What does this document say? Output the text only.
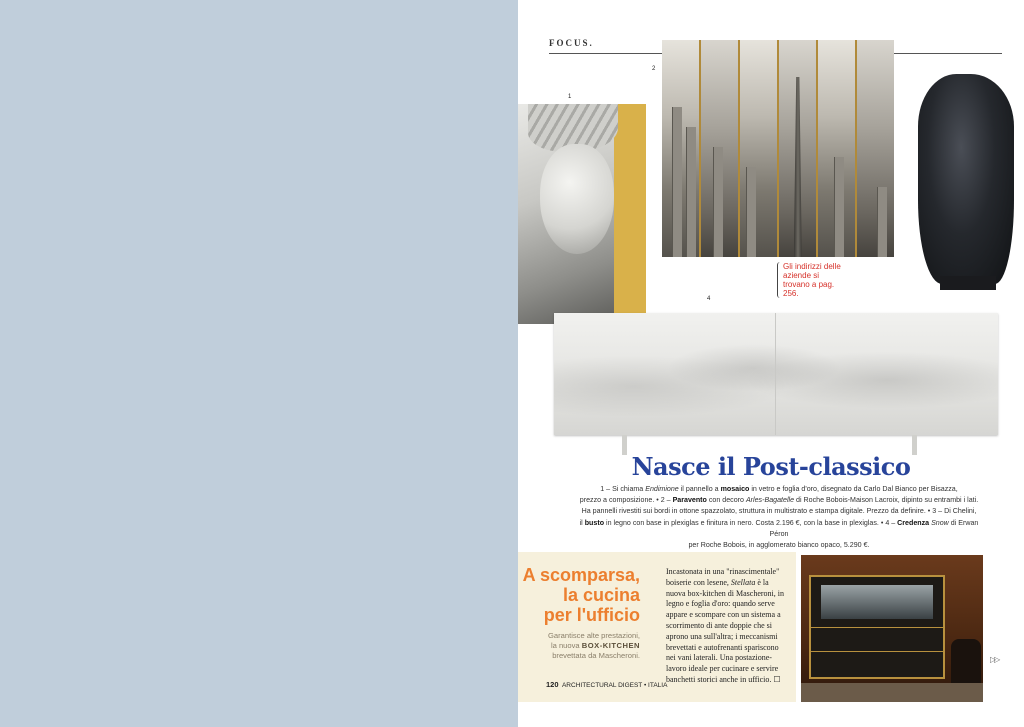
FOCUS.
1
2
4
Gli indirizzi delle aziende si trovano a pag. 256.
Nasce il Post-classico
1 – Si chiama Endimione il pannello a mosaico in vetro e foglia d'oro, disegnato da Carlo Dal Bianco per Bisazza,
prezzo a composizione. • 2 – Paravento con decoro Arles-Bagatelle di Roche Bobois-Maison Lacroix, dipinto su entrambi i lati.
Ha pannelli rivestiti sui bordi in ottone spazzolato, struttura in multistrato e stampa digitale. Prezzo da definire. • 3 – Di Chelini,
il busto in legno con base in plexiglas e finitura in nero. Costa 2.196 €, con la base in plexiglas. • 4 – Credenza Snow di Erwan Péron
per Roche Bobois, in agglomerato bianco opaco, 5.290 €.
A scomparsa,
la cucina
per l'ufficio
Garantisce alte prestazioni,
la nuova BOX-KITCHEN
brevettata da Mascheroni.
Incastonata in una "rinascimentale" boiserie con lesene, Stellata è la nuova box-kitchen di Mascheroni, in legno e foglia d'oro: quando serve appare e scompare con un sistema a scorrimento di ante doppie che si aprono una sull'altra; i meccanismi brevettati e autofrenanti spariscono nei vani laterali. Una postazione-lavoro ideale per cucinare e servire banchetti storici anche in ufficio. ☐
120 ARCHITECTURAL DIGEST • ITALIA
▷▷
